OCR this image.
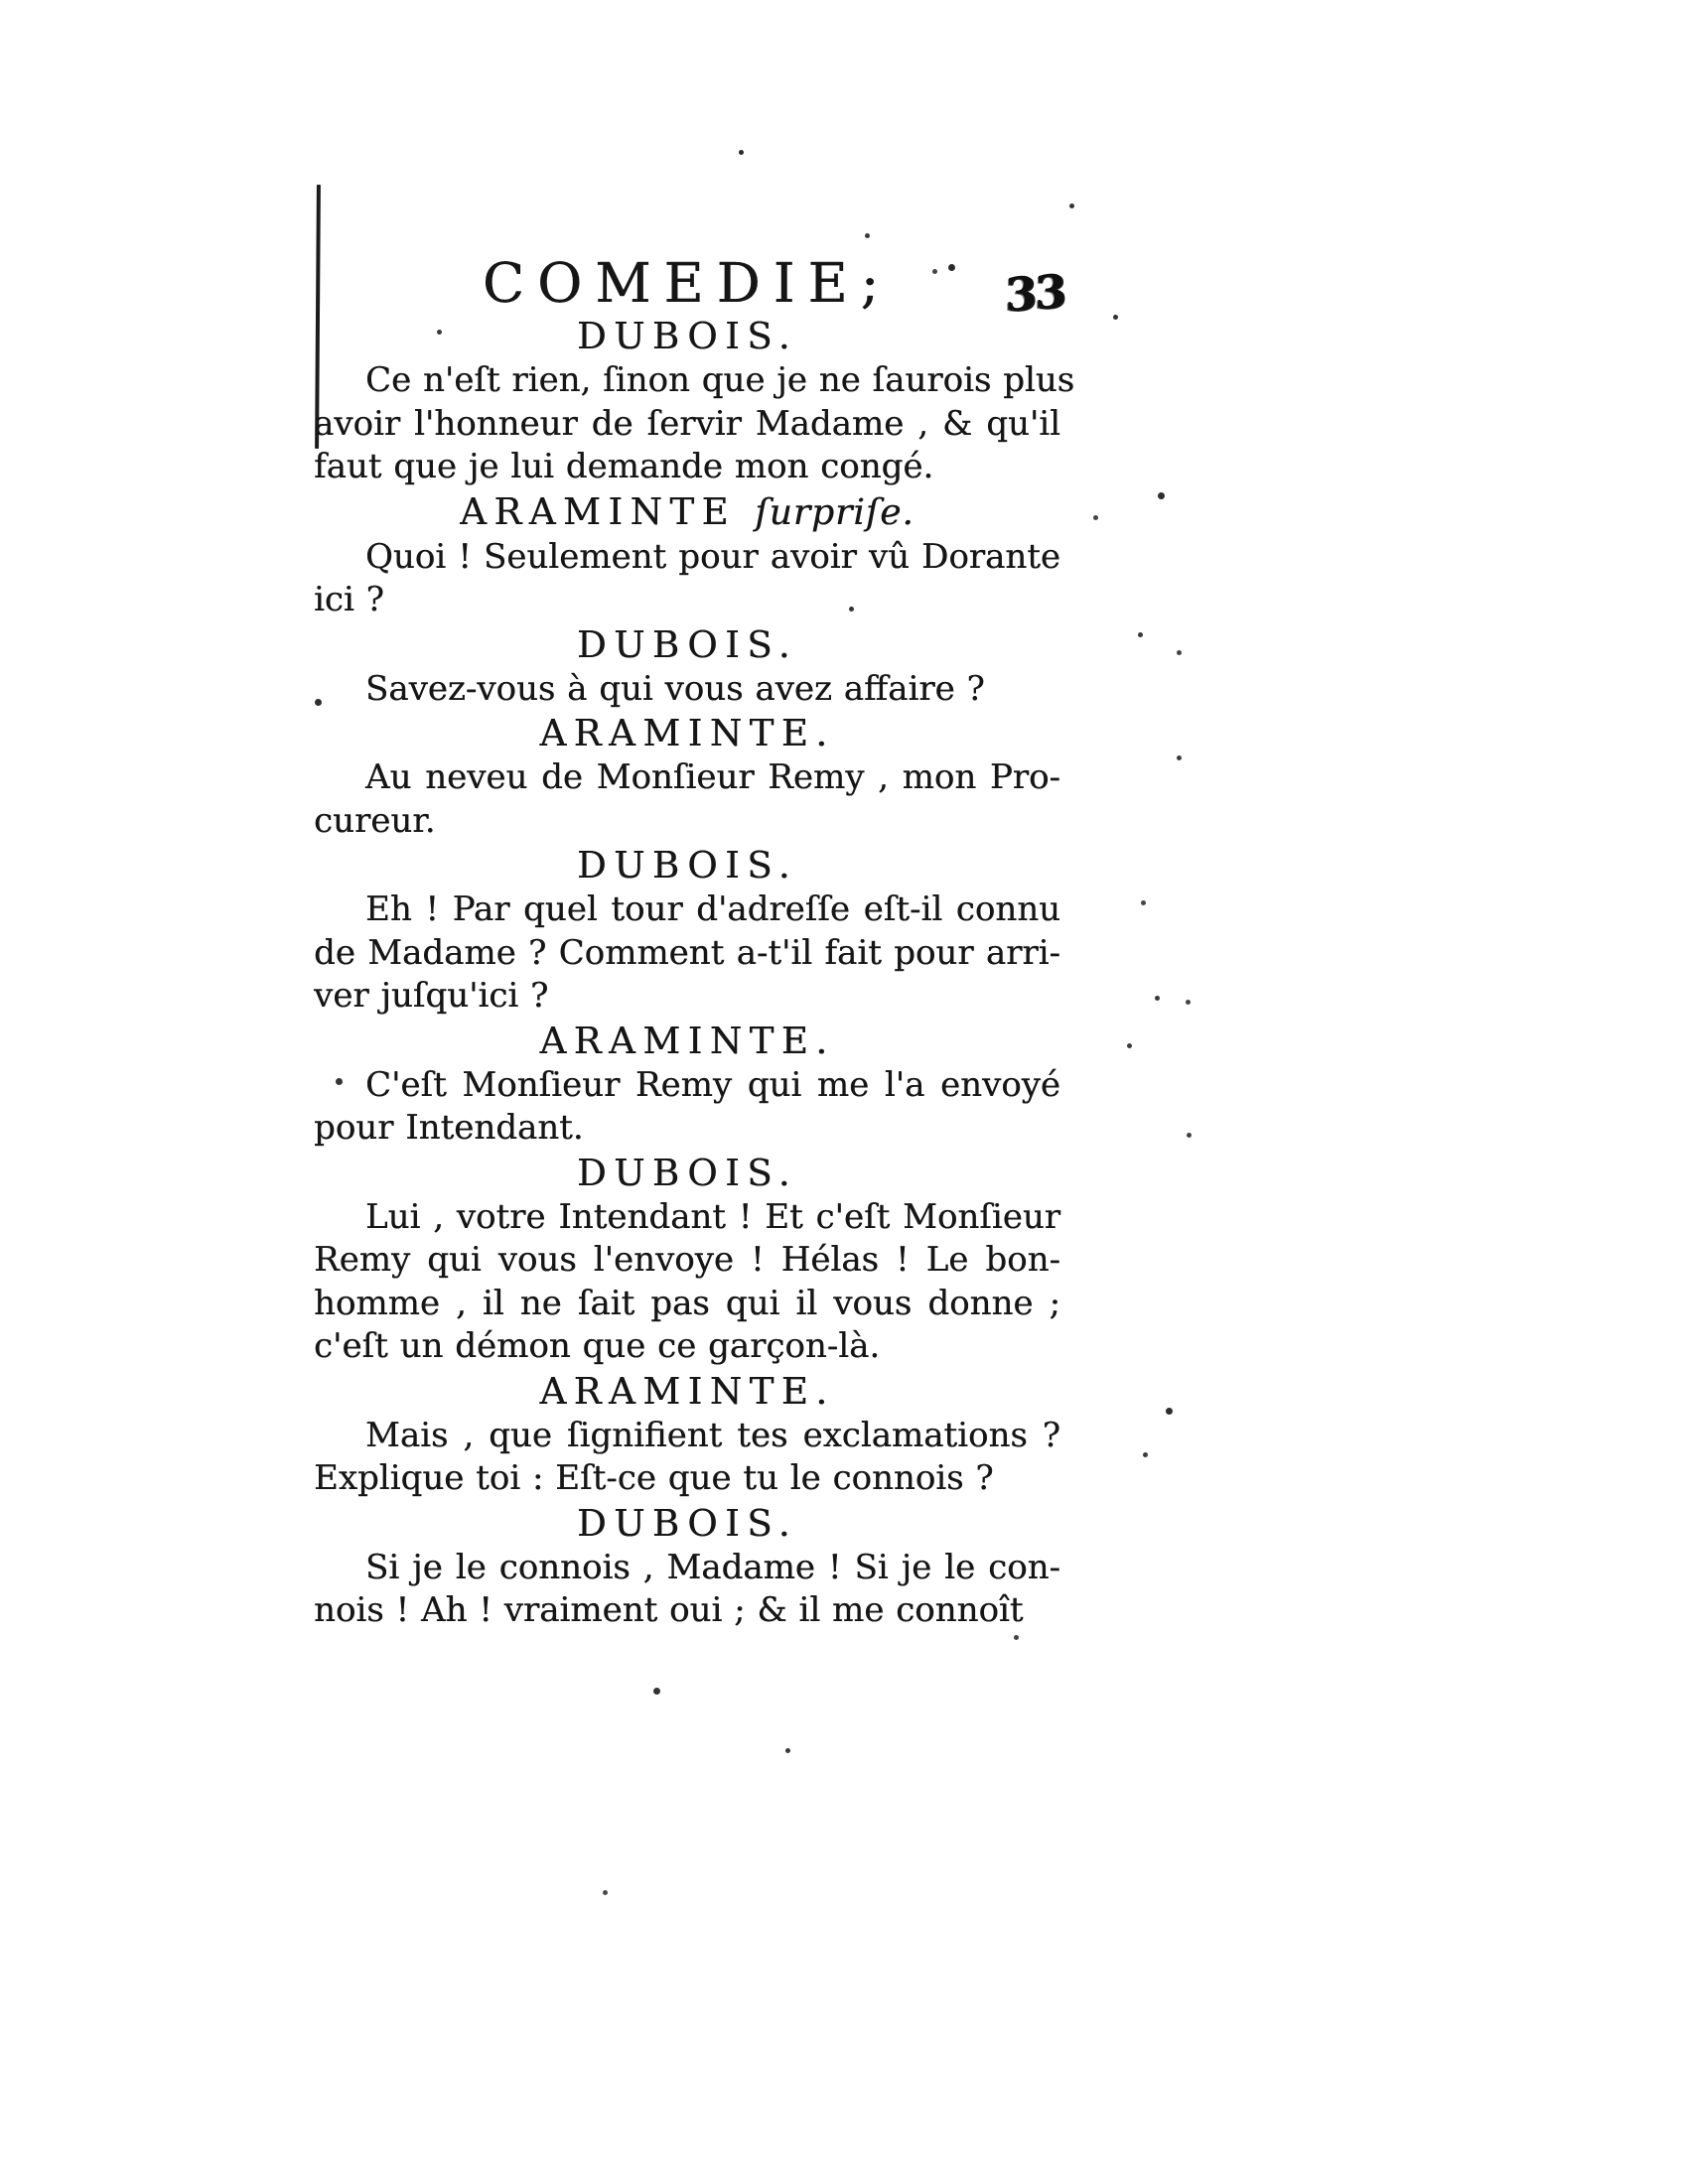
COMEDIE;	33
DUBOIS.
Ce n'eſt rien, ſinon que je ne ſaurois plus
avoir l'honneur de ſervir Madame , & qu'il
faut que je lui demande mon congé.
ARAMINTE ſurpriſe.
Quoi ! Seulement pour avoir vû Dorante
ici ?
DUBOIS.
Savez-vous à qui vous avez affaire ?
ARAMINTE.
Au neveu de Monſieur Remy , mon Pro-
cureur.
DUBOIS.
Eh ! Par quel tour d'adreſſe eſt-il connu
de Madame ? Comment a-t'il fait pour arri-
ver juſqu'ici ?
ARAMINTE.
C'eſt Monſieur Remy qui me l'a envoyé
pour Intendant.
DUBOIS.
Lui , votre Intendant ! Et c'eſt Monſieur
Remy qui vous l'envoye ! Hélas ! Le bon-
homme , il ne ſait pas qui il vous donne ;
c'eſt un démon que ce garçon-là.
ARAMINTE.
Mais , que ſignifient tes exclamations ?
Explique toi : Eſt-ce que tu le connois ?
DUBOIS.
Si je le connois , Madame ! Si je le con-
nois ! Ah ! vraiment oui ; & il me connoît
